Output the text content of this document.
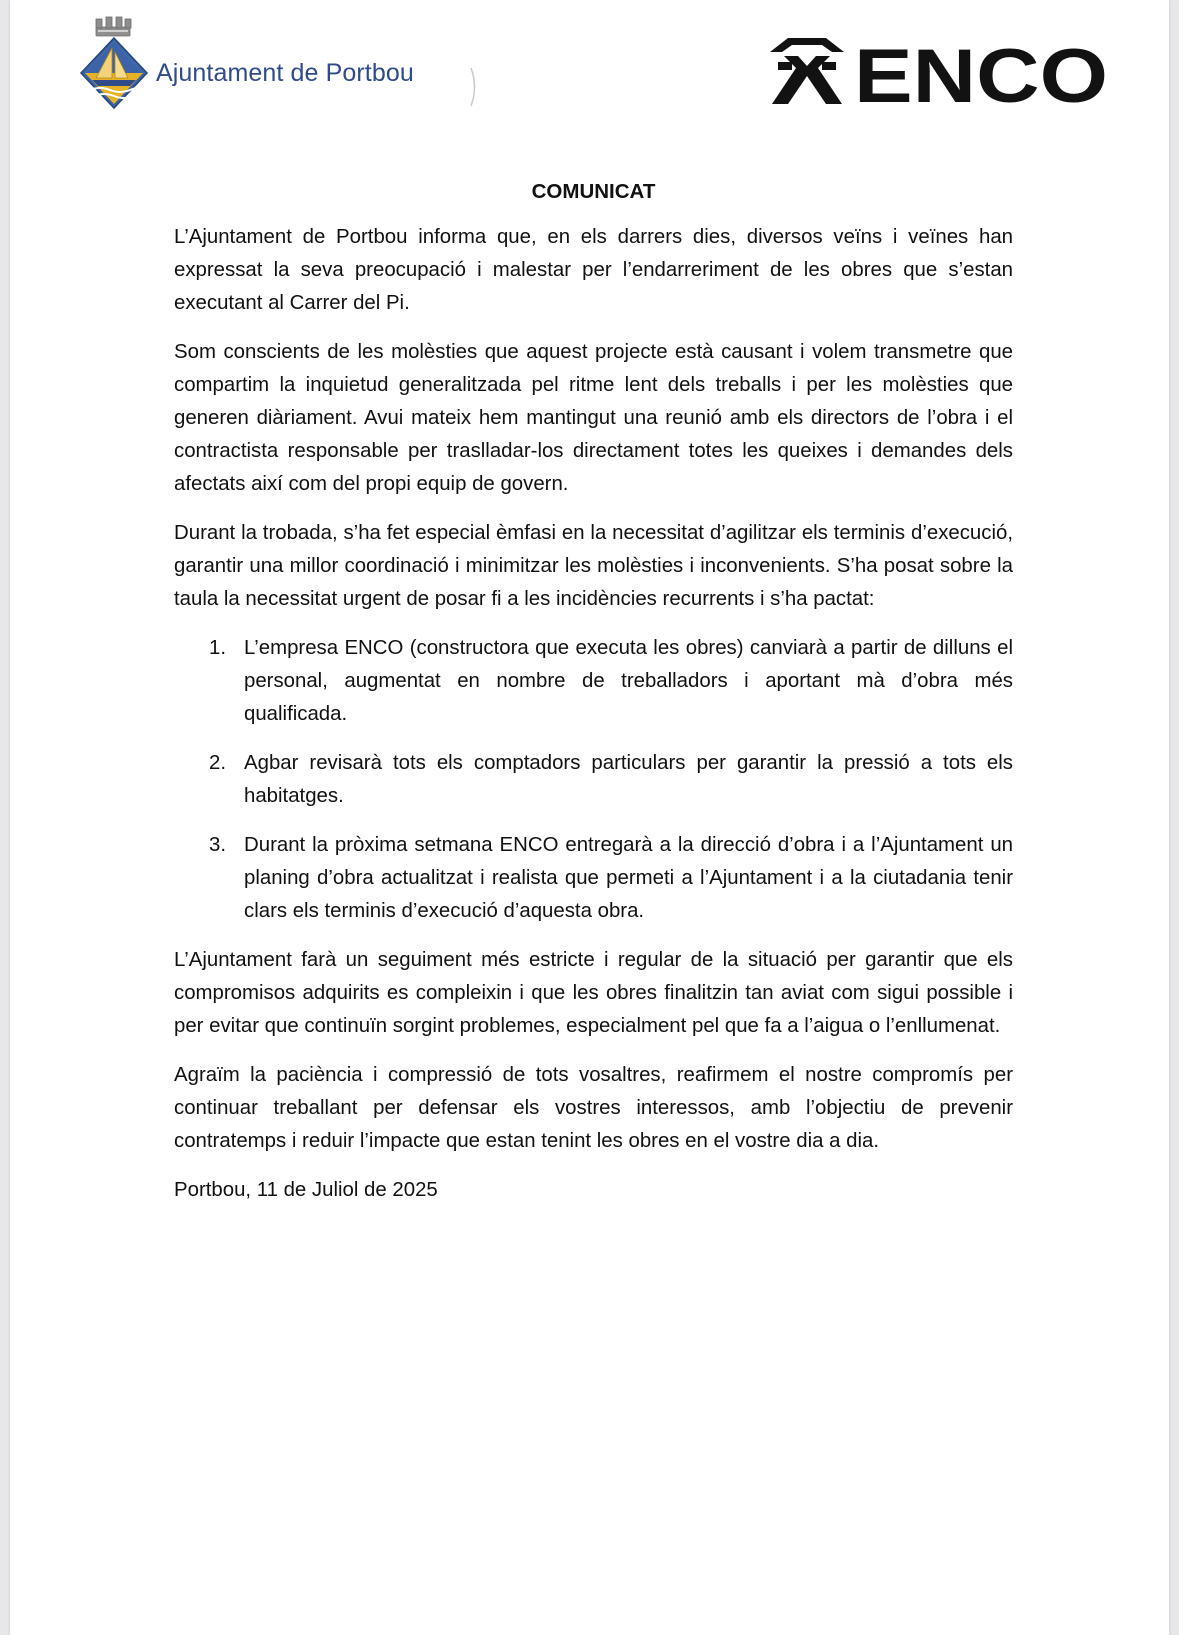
Ajuntament de Portbou	ENCO
COMUNICAT

L’Ajuntament de Portbou informa que, en els darrers dies, diversos veïns i veïnes han expressat la seva preocupació i malestar per l’endarreriment de les obres que s’estan executant al Carrer del Pi.

Som conscients de les molèsties que aquest projecte està causant i volem transmetre que compartim la inquietud generalitzada pel ritme lent dels treballs i per les molèsties que generen diàriament. Avui mateix hem mantingut una reunió amb els directors de l’obra i el contractista responsable per traslladar-los directament totes les queixes i demandes dels afectats així com del propi equip de govern.

Durant la trobada, s’ha fet especial èmfasi en la necessitat d’agilitzar els terminis d’execució, garantir una millor coordinació i minimitzar les molèsties i inconvenients. S’ha posat sobre la taula la necessitat urgent de posar fi a les incidències recurrents i s’ha pactat:

1. L’empresa ENCO (constructora que executa les obres) canviarà a partir de dilluns el personal, augmentat en nombre de treballadors i aportant mà d’obra més qualificada.
2. Agbar revisarà tots els comptadors particulars per garantir la pressió a tots els habitatges.
3. Durant la pròxima setmana ENCO entregarà a la direcció d’obra i a l’Ajuntament un planing d’obra actualitzat i realista que permeti a l’Ajuntament i a la ciutadania tenir clars els terminis d’execució d’aquesta obra.

L’Ajuntament farà un seguiment més estricte i regular de la situació per garantir que els compromisos adquirits es compleixin i que les obres finalitzin tan aviat com sigui possible i per evitar que continuïn sorgint problemes, especialment pel que fa a l’aigua o l’enllumenat.

Agraïm la paciència i compressió de tots vosaltres, reafirmem el nostre compromís per continuar treballant per defensar els vostres interessos, amb l’objectiu de prevenir contratemps i reduir l’impacte que estan tenint les obres en el vostre dia a dia.

Portbou, 11 de Juliol de 2025
